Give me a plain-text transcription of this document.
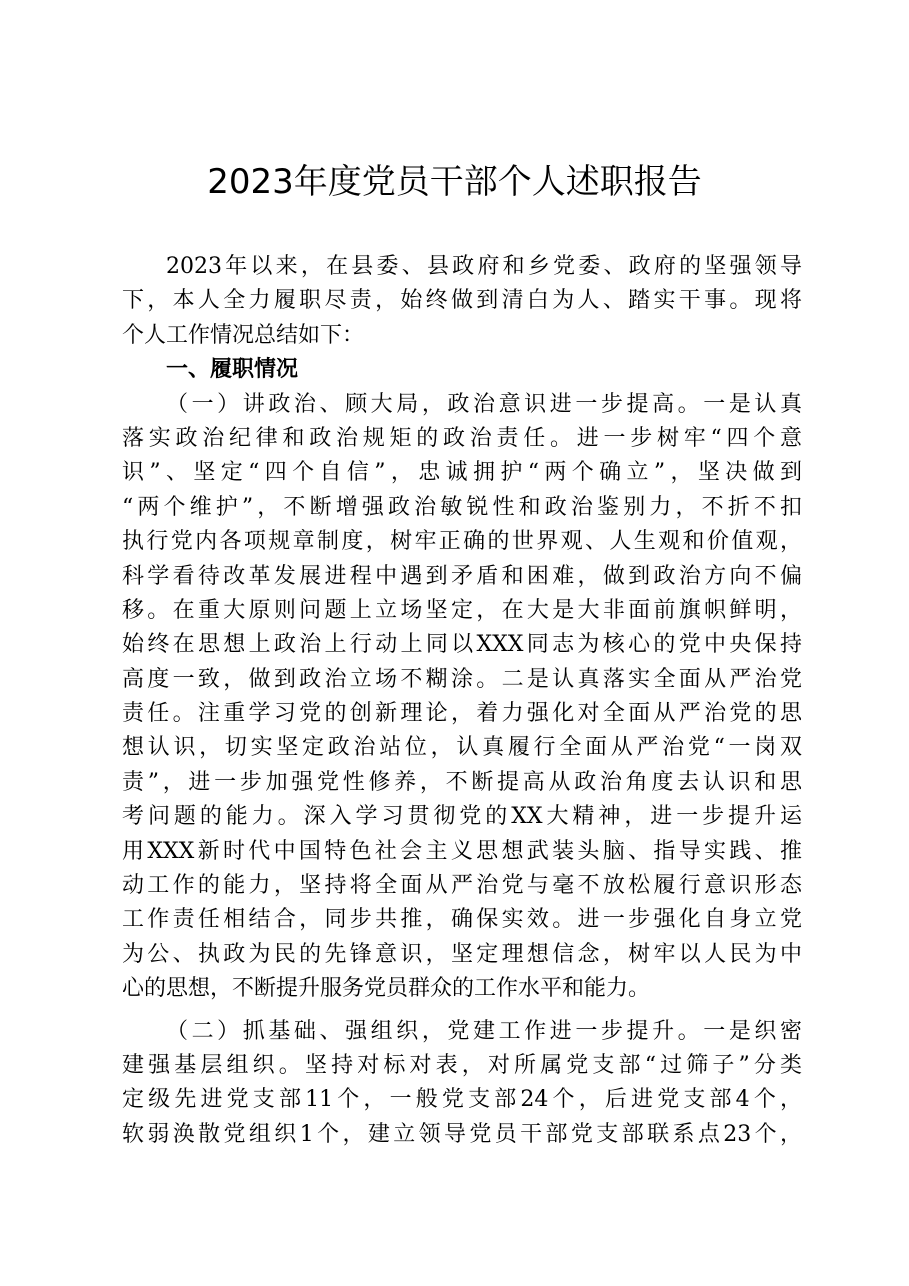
2023年度党员干部个人述职报告
2023年以来，在县委、县政府和乡党委、政府的坚强领导
下，本人全力履职尽责，始终做到清白为人、踏实干事。现将
个人工作情况总结如下：
一、履职情况
（一）讲政治、顾大局，政治意识进一步提高。一是认真
落实政治纪律和政治规矩的政治责任。进一步树牢“四个意
识”、坚定“四个自信”，忠诚拥护“两个确立”，坚决做到
“两个维护”，不断增强政治敏锐性和政治鉴别力，不折不扣
执行党内各项规章制度，树牢正确的世界观、人生观和价值观，
科学看待改革发展进程中遇到矛盾和困难，做到政治方向不偏
移。在重大原则问题上立场坚定，在大是大非面前旗帜鲜明，
始终在思想上政治上行动上同以XXX同志为核心的党中央保持
高度一致，做到政治立场不糊涂。二是认真落实全面从严治党
责任。注重学习党的创新理论，着力强化对全面从严治党的思
想认识，切实坚定政治站位，认真履行全面从严治党“一岗双
责”，进一步加强党性修养，不断提高从政治角度去认识和思
考问题的能力。深入学习贯彻党的XX大精神，进一步提升运
用XXX新时代中国特色社会主义思想武装头脑、指导实践、推
动工作的能力，坚持将全面从严治党与毫不放松履行意识形态
工作责任相结合，同步共推，确保实效。进一步强化自身立党
为公、执政为民的先锋意识，坚定理想信念，树牢以人民为中
心的思想，不断提升服务党员群众的工作水平和能力。
（二）抓基础、强组织，党建工作进一步提升。一是织密
建强基层组织。坚持对标对表，对所属党支部“过筛子”分类
定级先进党支部11个，一般党支部24个，后进党支部4个，
软弱涣散党组织1个，建立领导党员干部党支部联系点23个，
